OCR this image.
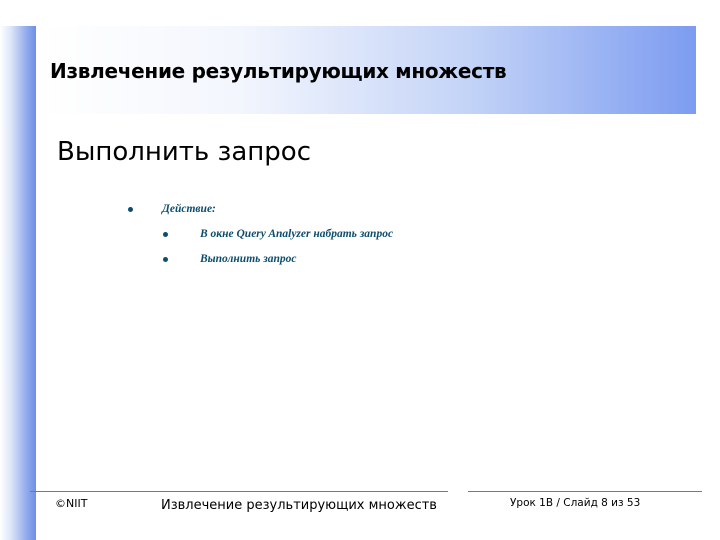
Извлечение результирующих множеств
Выполнить запрос
Действие:
В окне Query Analyzer набрать запрос
Выполнить запрос
©NIIT	Извлечение результирующих множеств	Урок 1B / Слайд 8 из 53
